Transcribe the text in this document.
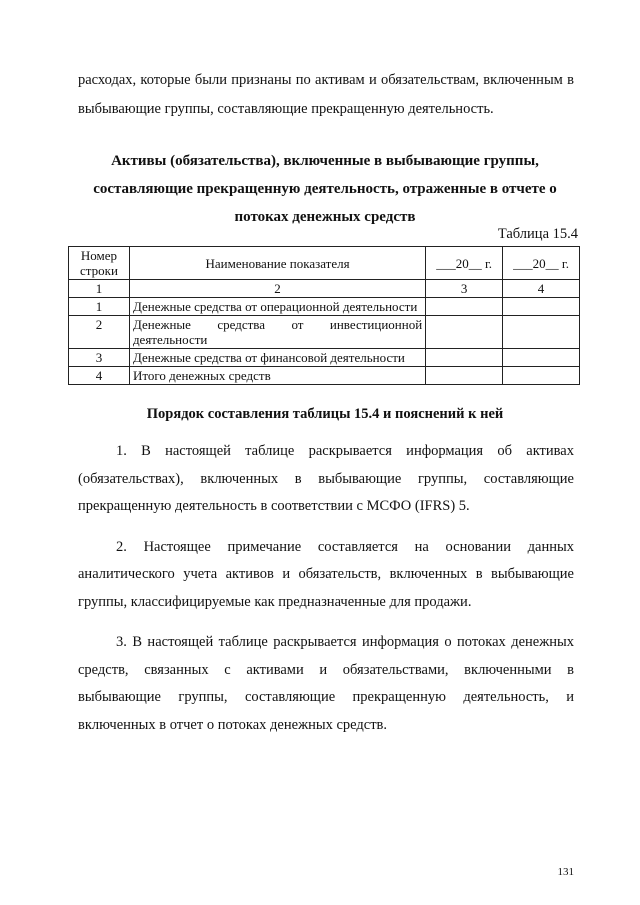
расходах, которые были признаны по активам и обязательствам, включенным в выбывающие группы, составляющие прекращенную деятельность.
Активы (обязательства), включенные в выбывающие группы,
составляющие прекращенную деятельность, отраженные в отчете о
потоках денежных средств
Таблица 15.4
Номер
строки	Наименование показателя	___20__ г.	___20__ г.
1	2	3	4
1	Денежные средства от операционной деятельности		
2	Денежные средства от инвестиционной деятельности		
3	Денежные средства от финансовой деятельности		
4	Итого денежных средств		
Порядок составления таблицы 15.4 и пояснений к ней

1. В настоящей таблице раскрывается информация об активах (обязательствах), включенных в выбывающие группы, составляющие прекращенную деятельность в соответствии с МСФО (IFRS) 5.

2. Настоящее примечание составляется на основании данных аналитического учета активов и обязательств, включенных в выбывающие группы, классифицируемые как предназначенные для продажи.

3. В настоящей таблице раскрывается информация о потоках денежных средств, связанных с активами и обязательствами, включенными в выбывающие группы, составляющие прекращенную деятельность, и включенных в отчет о потоках денежных средств.

131
